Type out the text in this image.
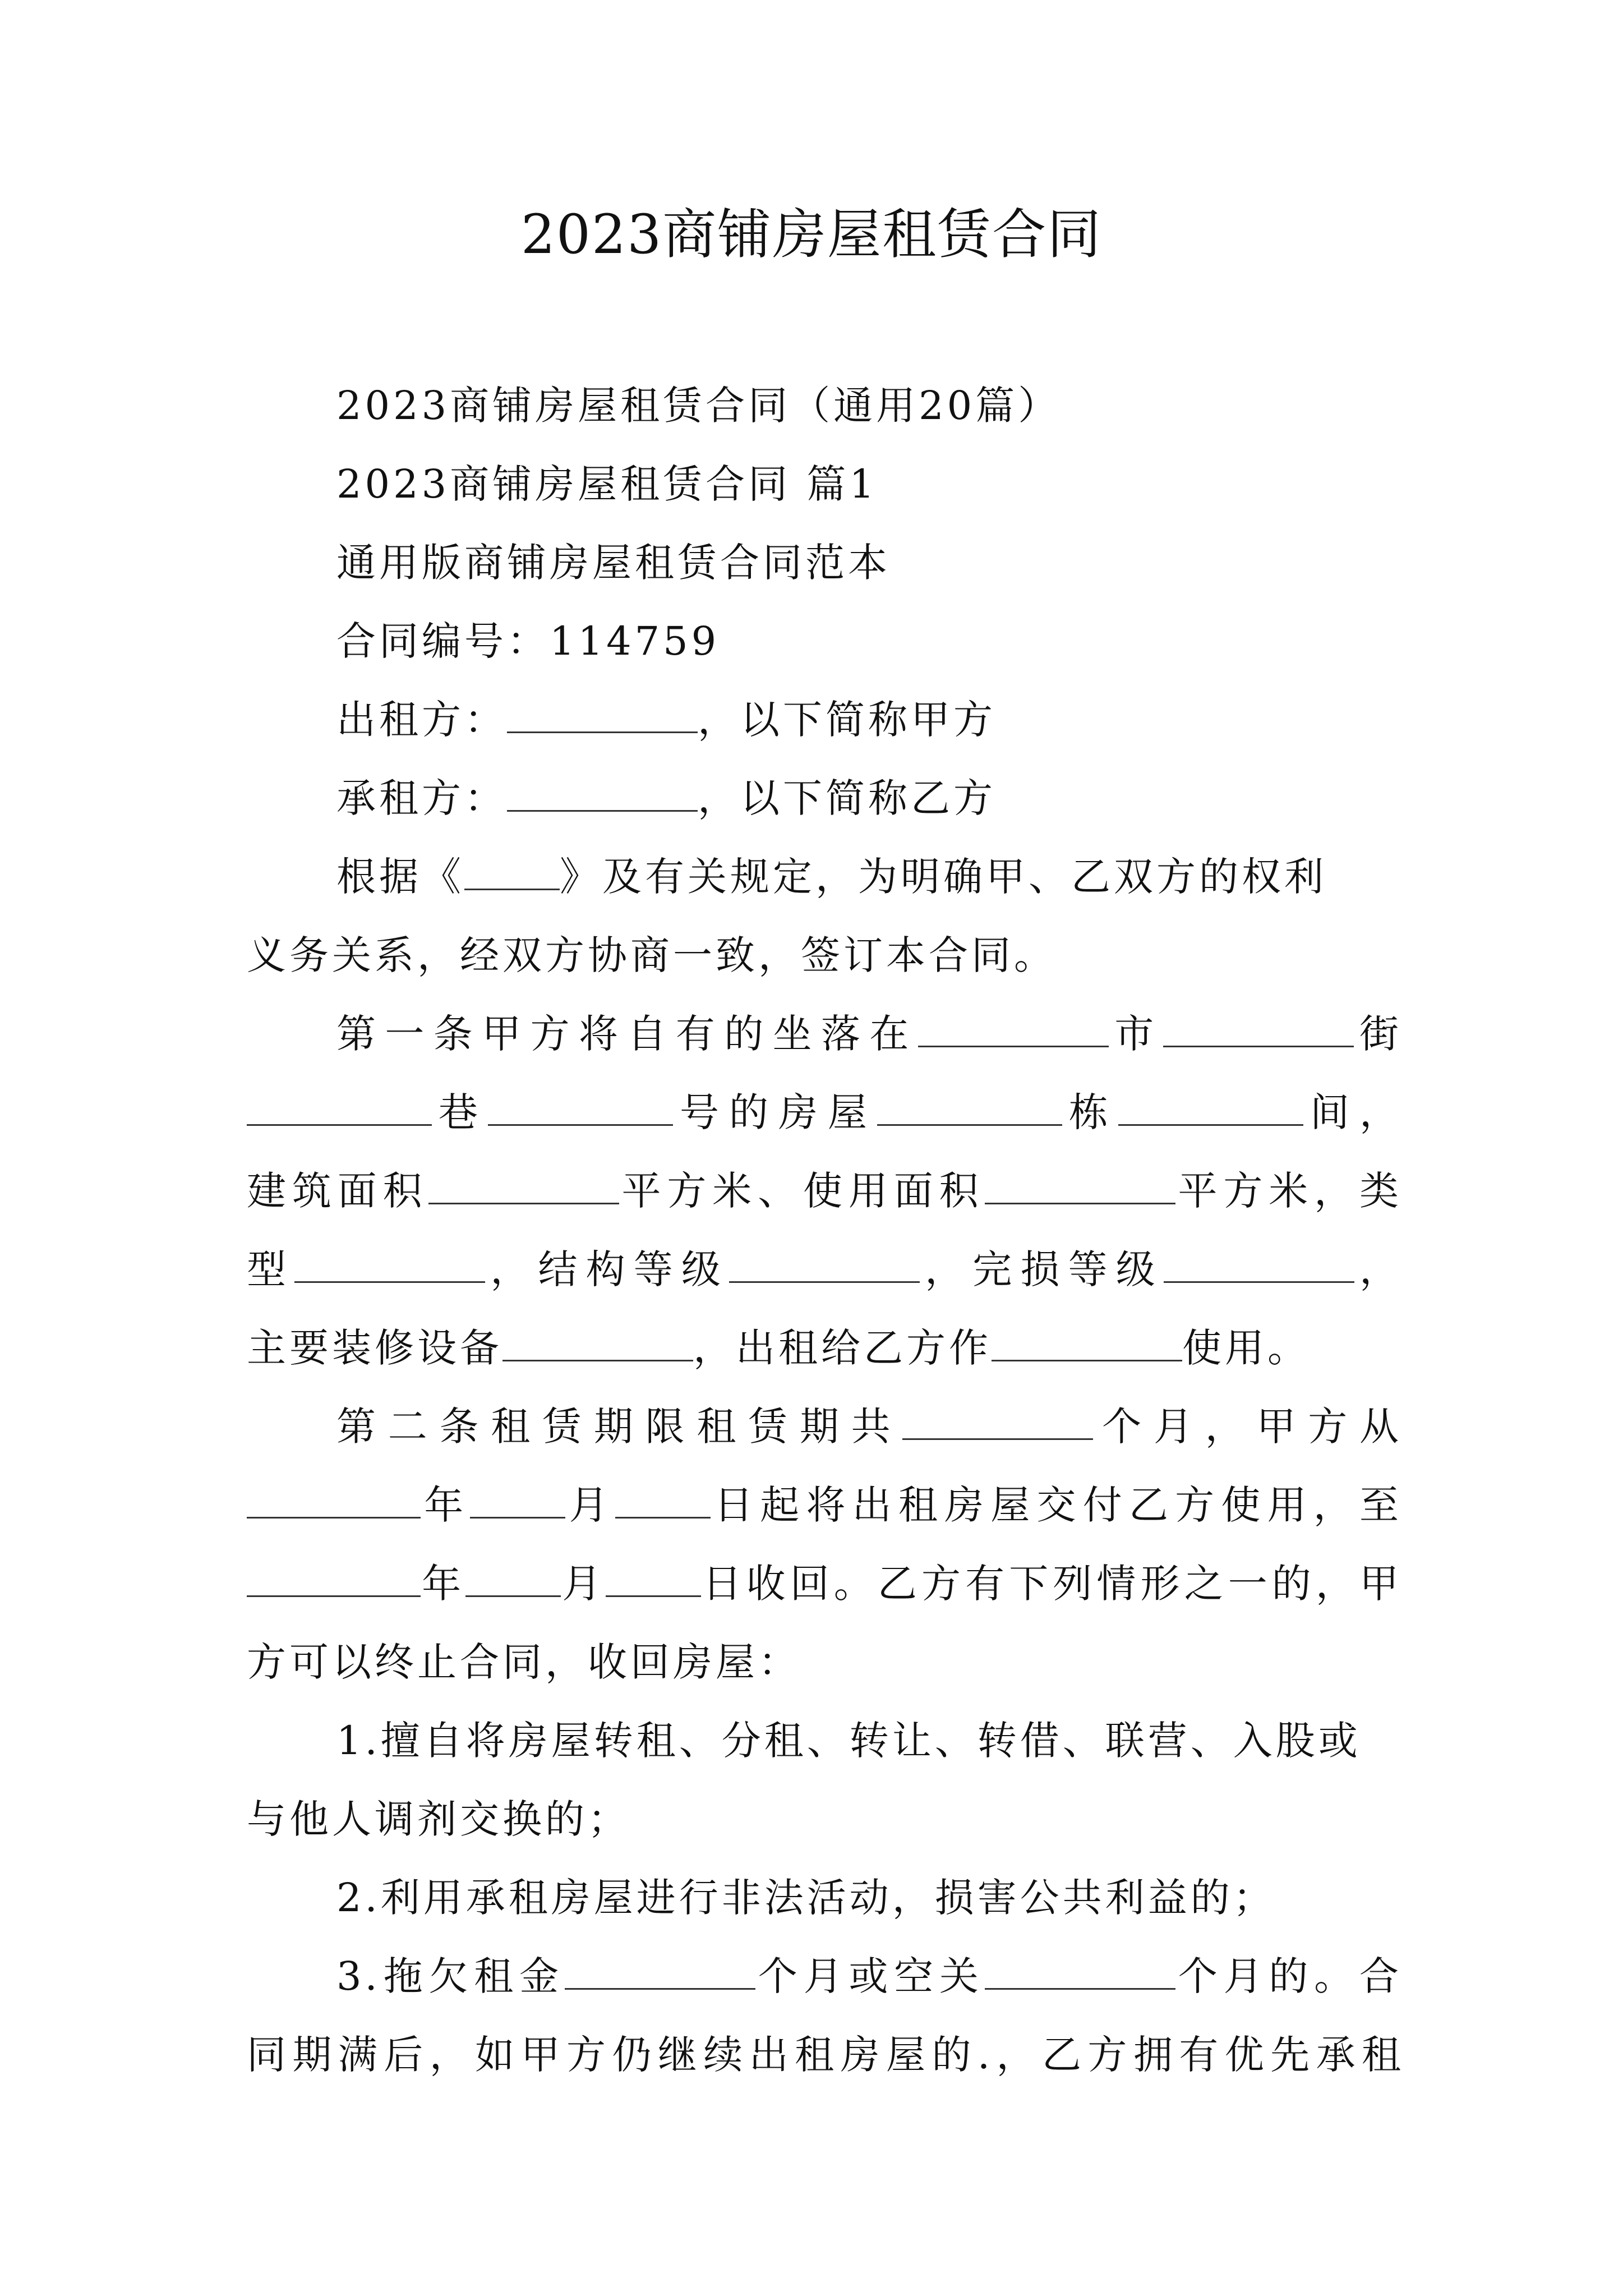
2023商铺房屋租赁合同

2023商铺房屋租赁合同（通用20篇）

2023商铺房屋租赁合同 篇1

通用版商铺房屋租赁合同范本

合同编号：114759

出租方：	，以下简称甲方

承租方：	，以下简称乙方

根据《 》及有关规定，为明确甲、乙双方的权利

义务关系，经双方协商一致，签订本合同。

第一条甲方将自有的坐落在	市	街

巷	号的房屋	栋	间，

建筑面积	平方米、使用面积	平方米，类

型	，结构等级	，完损等级	，

主要装修设备	，出租给乙方作	使用。

第二条租赁期限租赁期共	个月，甲方从

年 月 日起将出租房屋交付乙方使用，至

年 月 日收回。乙方有下列情形之一的，甲

方可以终止合同，收回房屋：

1.擅自将房屋转租、分租、转让、转借、联营、入股或

与他人调剂交换的；

2.利用承租房屋进行非法活动，损害公共利益的；

3.拖欠租金	个月或空关	个月的。合

同期满后，如甲方仍继续出租房屋的.，乙方拥有优先承租
